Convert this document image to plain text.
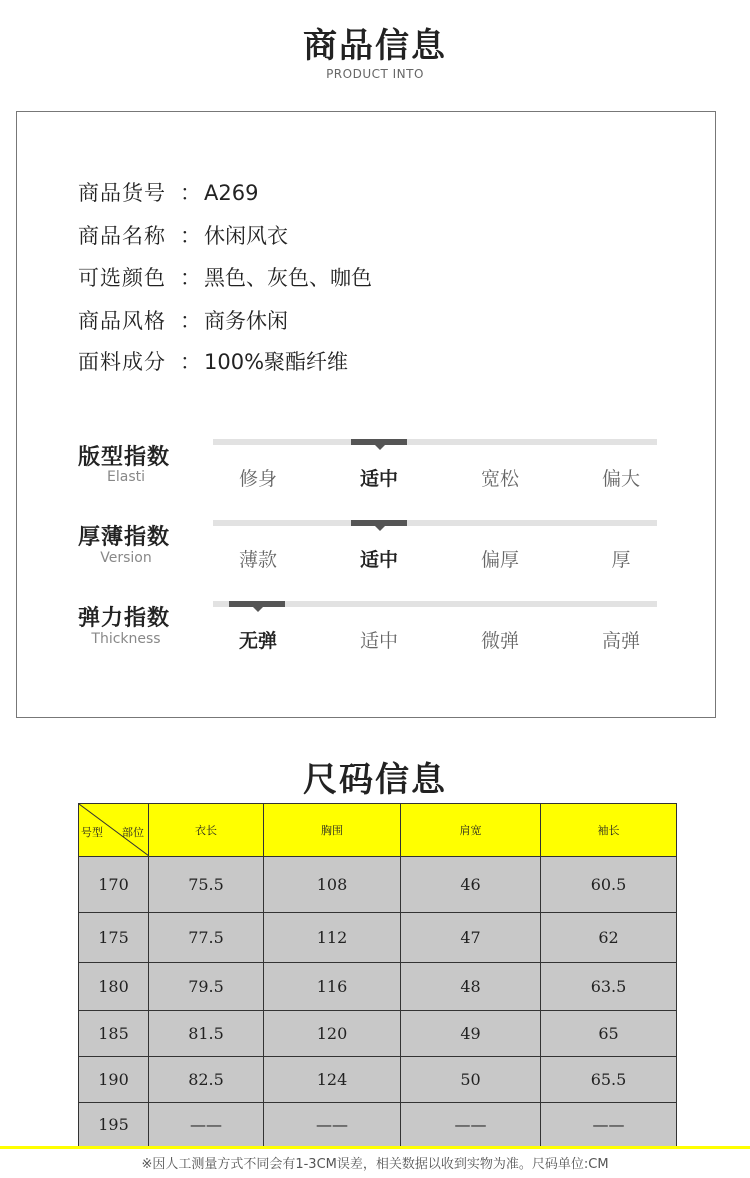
商品信息
PRODUCT INTO
商品货号 ： A269
商品名称 ： 休闲风衣
可选颜色 ： 黑色、灰色、咖色
商品风格 ： 商务休闲
面料成分 ： 100%聚酯纤维
版型指数
Elasti	修身	适中	宽松	偏大
厚薄指数
Version	薄款	适中	偏厚	厚
弹力指数
Thickness	无弹	适中	微弹	高弹
尺码信息
号型 部位	衣长	胸围	肩宽	袖长
170	75.5	108	46	60.5
175	77.5	112	47	62
180	79.5	116	48	63.5
185	81.5	120	49	65
190	82.5	124	50	65.5
195	——	——	——	——
※因人工测量方式不同会有1-3CM误差，相关数据以收到实物为准。尺码单位:CM
